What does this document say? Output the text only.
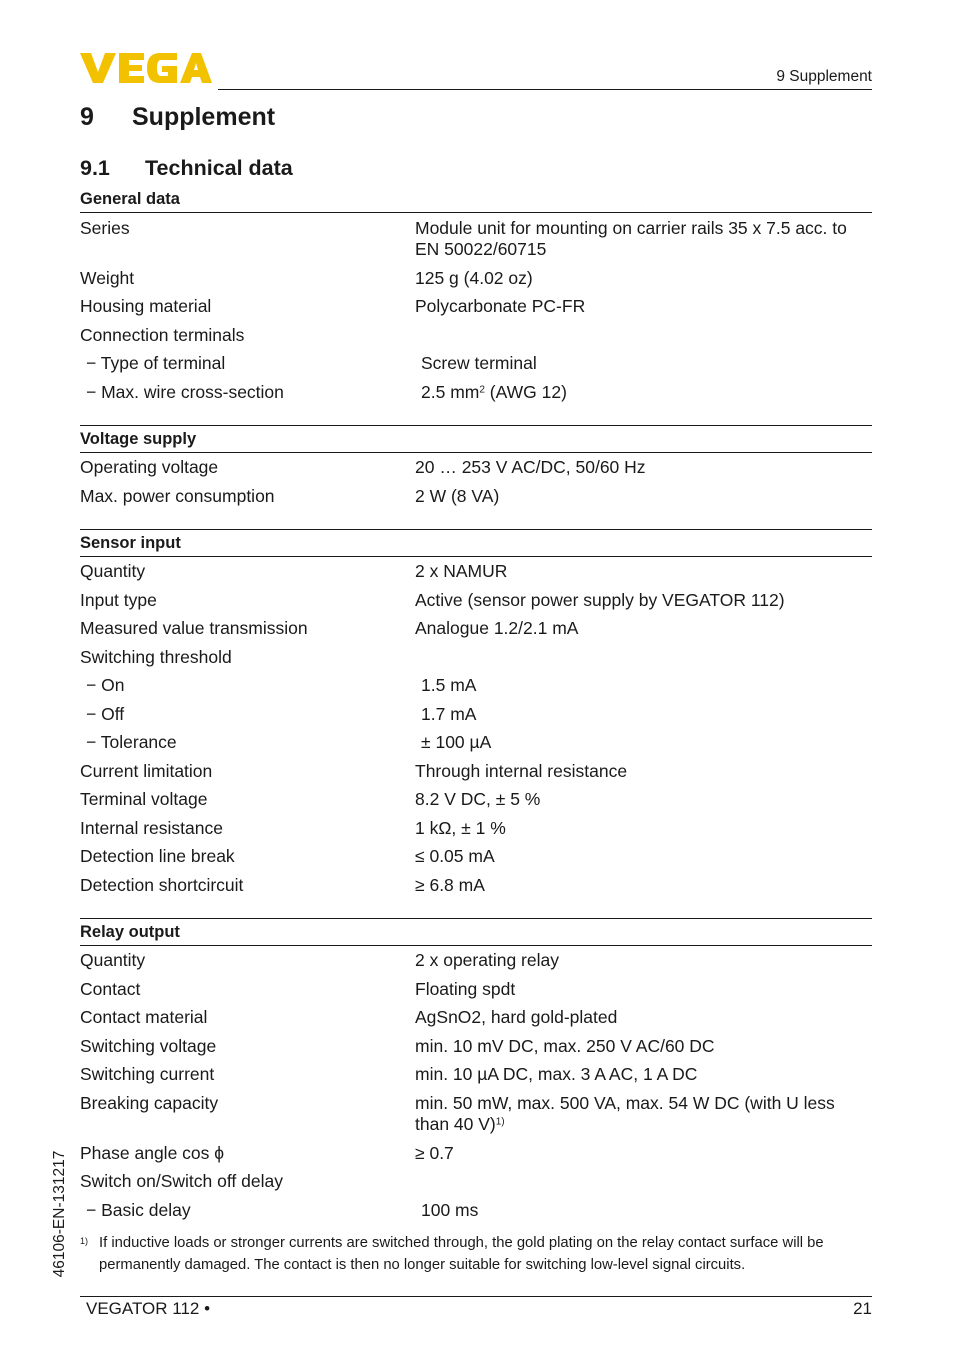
9 Supplement
9 Supplement
9.1 Technical data
General data
Series	Module unit for mounting on carrier rails 35 x 7.5 acc. to EN 50022/60715
Weight	125 g (4.02 oz)
Housing material	Polycarbonate PC-FR
Connection terminals
− Type of terminal	Screw terminal
− Max. wire cross-section	2.5 $mm^2$ (AWG 12)
Voltage supply
Operating voltage	20 … 253 V AC/DC, 50/60 Hz
Max. power consumption	2 W (8 VA)
Sensor input
Quantity	2 x NAMUR
Input type	Active (sensor power supply by VEGATOR 112)
Measured value transmission	Analogue 1.2/2.1 mA
Switching threshold
− On	1.5 mA
− Off	1.7 mA
− Tolerance	± 100 µA
Current limitation	Through internal resistance
Terminal voltage	8.2 V DC, ± 5 %
Internal resistance	1 kΩ, ± 1 %
Detection line break	≤ 0.05 mA
Detection shortcircuit	≥ 6.8 mA
Relay output
Quantity	2 x operating relay
Contact	Floating spdt
Contact material	AgSnO2, hard gold-plated
Switching voltage	min. 10 mV DC, max. 250 V AC/60 DC
Switching current	min. 10 µA DC, max. 3 A AC, 1 A DC
Breaking capacity	min. 50 mW, max. 500 VA, max. 54 W DC (with U less than 40 V)$^{1)}$
Phase angle cos ϕ	≥ 0.7
Switch on/Switch off delay
− Basic delay	100 ms
1) If inductive loads or stronger currents are switched through, the gold plating on the relay contact surface will be permanently damaged. The contact is then no longer suitable for switching low-level signal circuits.
46106-EN-131217
VEGATOR 112 •	21
